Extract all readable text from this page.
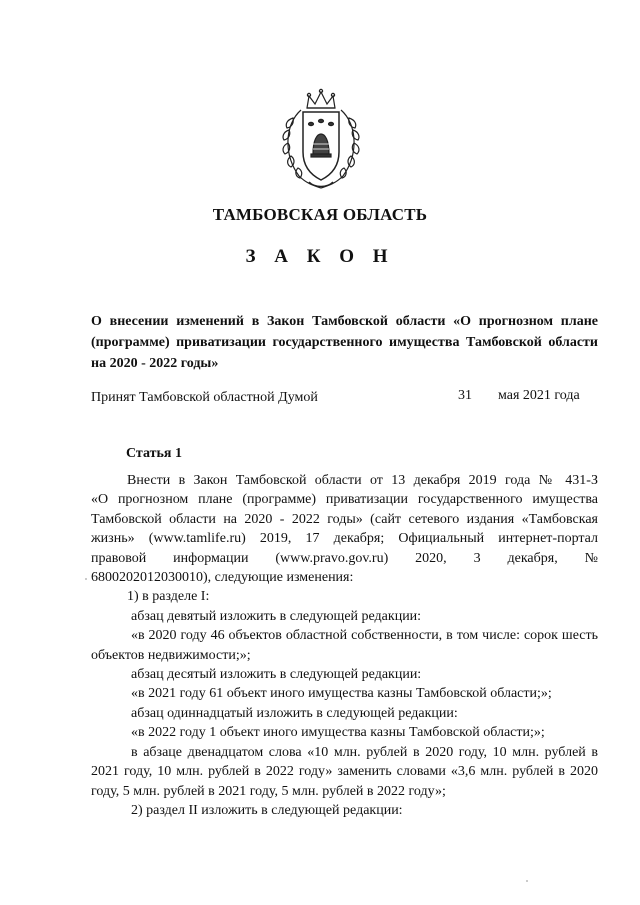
ТАМБОВСКАЯ ОБЛАСТЬ
З А К О Н
О внесении изменений в Закон Тамбовской области «О прогнозном плане (программе) приватизации государственного имущества Тамбовской области на 2020 - 2022 годы»
Принят Тамбовской областной Думой	31 мая 2021 года
Статья 1

Внести в Закон Тамбовской области от 13 декабря 2019 года № 431-З

«О прогнозном плане (программе) приватизации государственного имущества

Тамбовской области на 2020 - 2022 годы» (сайт сетевого издания «Тамбовская

жизнь» (www.tamlife.ru) 2019, 17 декабря; Официальный интернет-портал

правовой информации (www.pravo.gov.ru) 2020, 3 декабря, №

6800202012030010), следующие изменения:

1) в разделе I:

абзац девятый изложить в следующей редакции:

«в 2020 году 46 объектов областной собственности, в том числе: сорок шесть объектов недвижимости;»;

абзац десятый изложить в следующей редакции:

«в 2021 году 61 объект иного имущества казны Тамбовской области;»;

абзац одиннадцатый изложить в следующей редакции:

«в 2022 году 1 объект иного имущества казны Тамбовской области;»;

в абзаце двенадцатом слова «10 млн. рублей в 2020 году, 10 млн. рублей в 2021 году, 10 млн. рублей в 2022 году» заменить словами «3,6 млн. рублей в 2020 году, 5 млн. рублей в 2021 году, 5 млн. рублей в 2022 году»;

2) раздел II изложить в следующей редакции:
